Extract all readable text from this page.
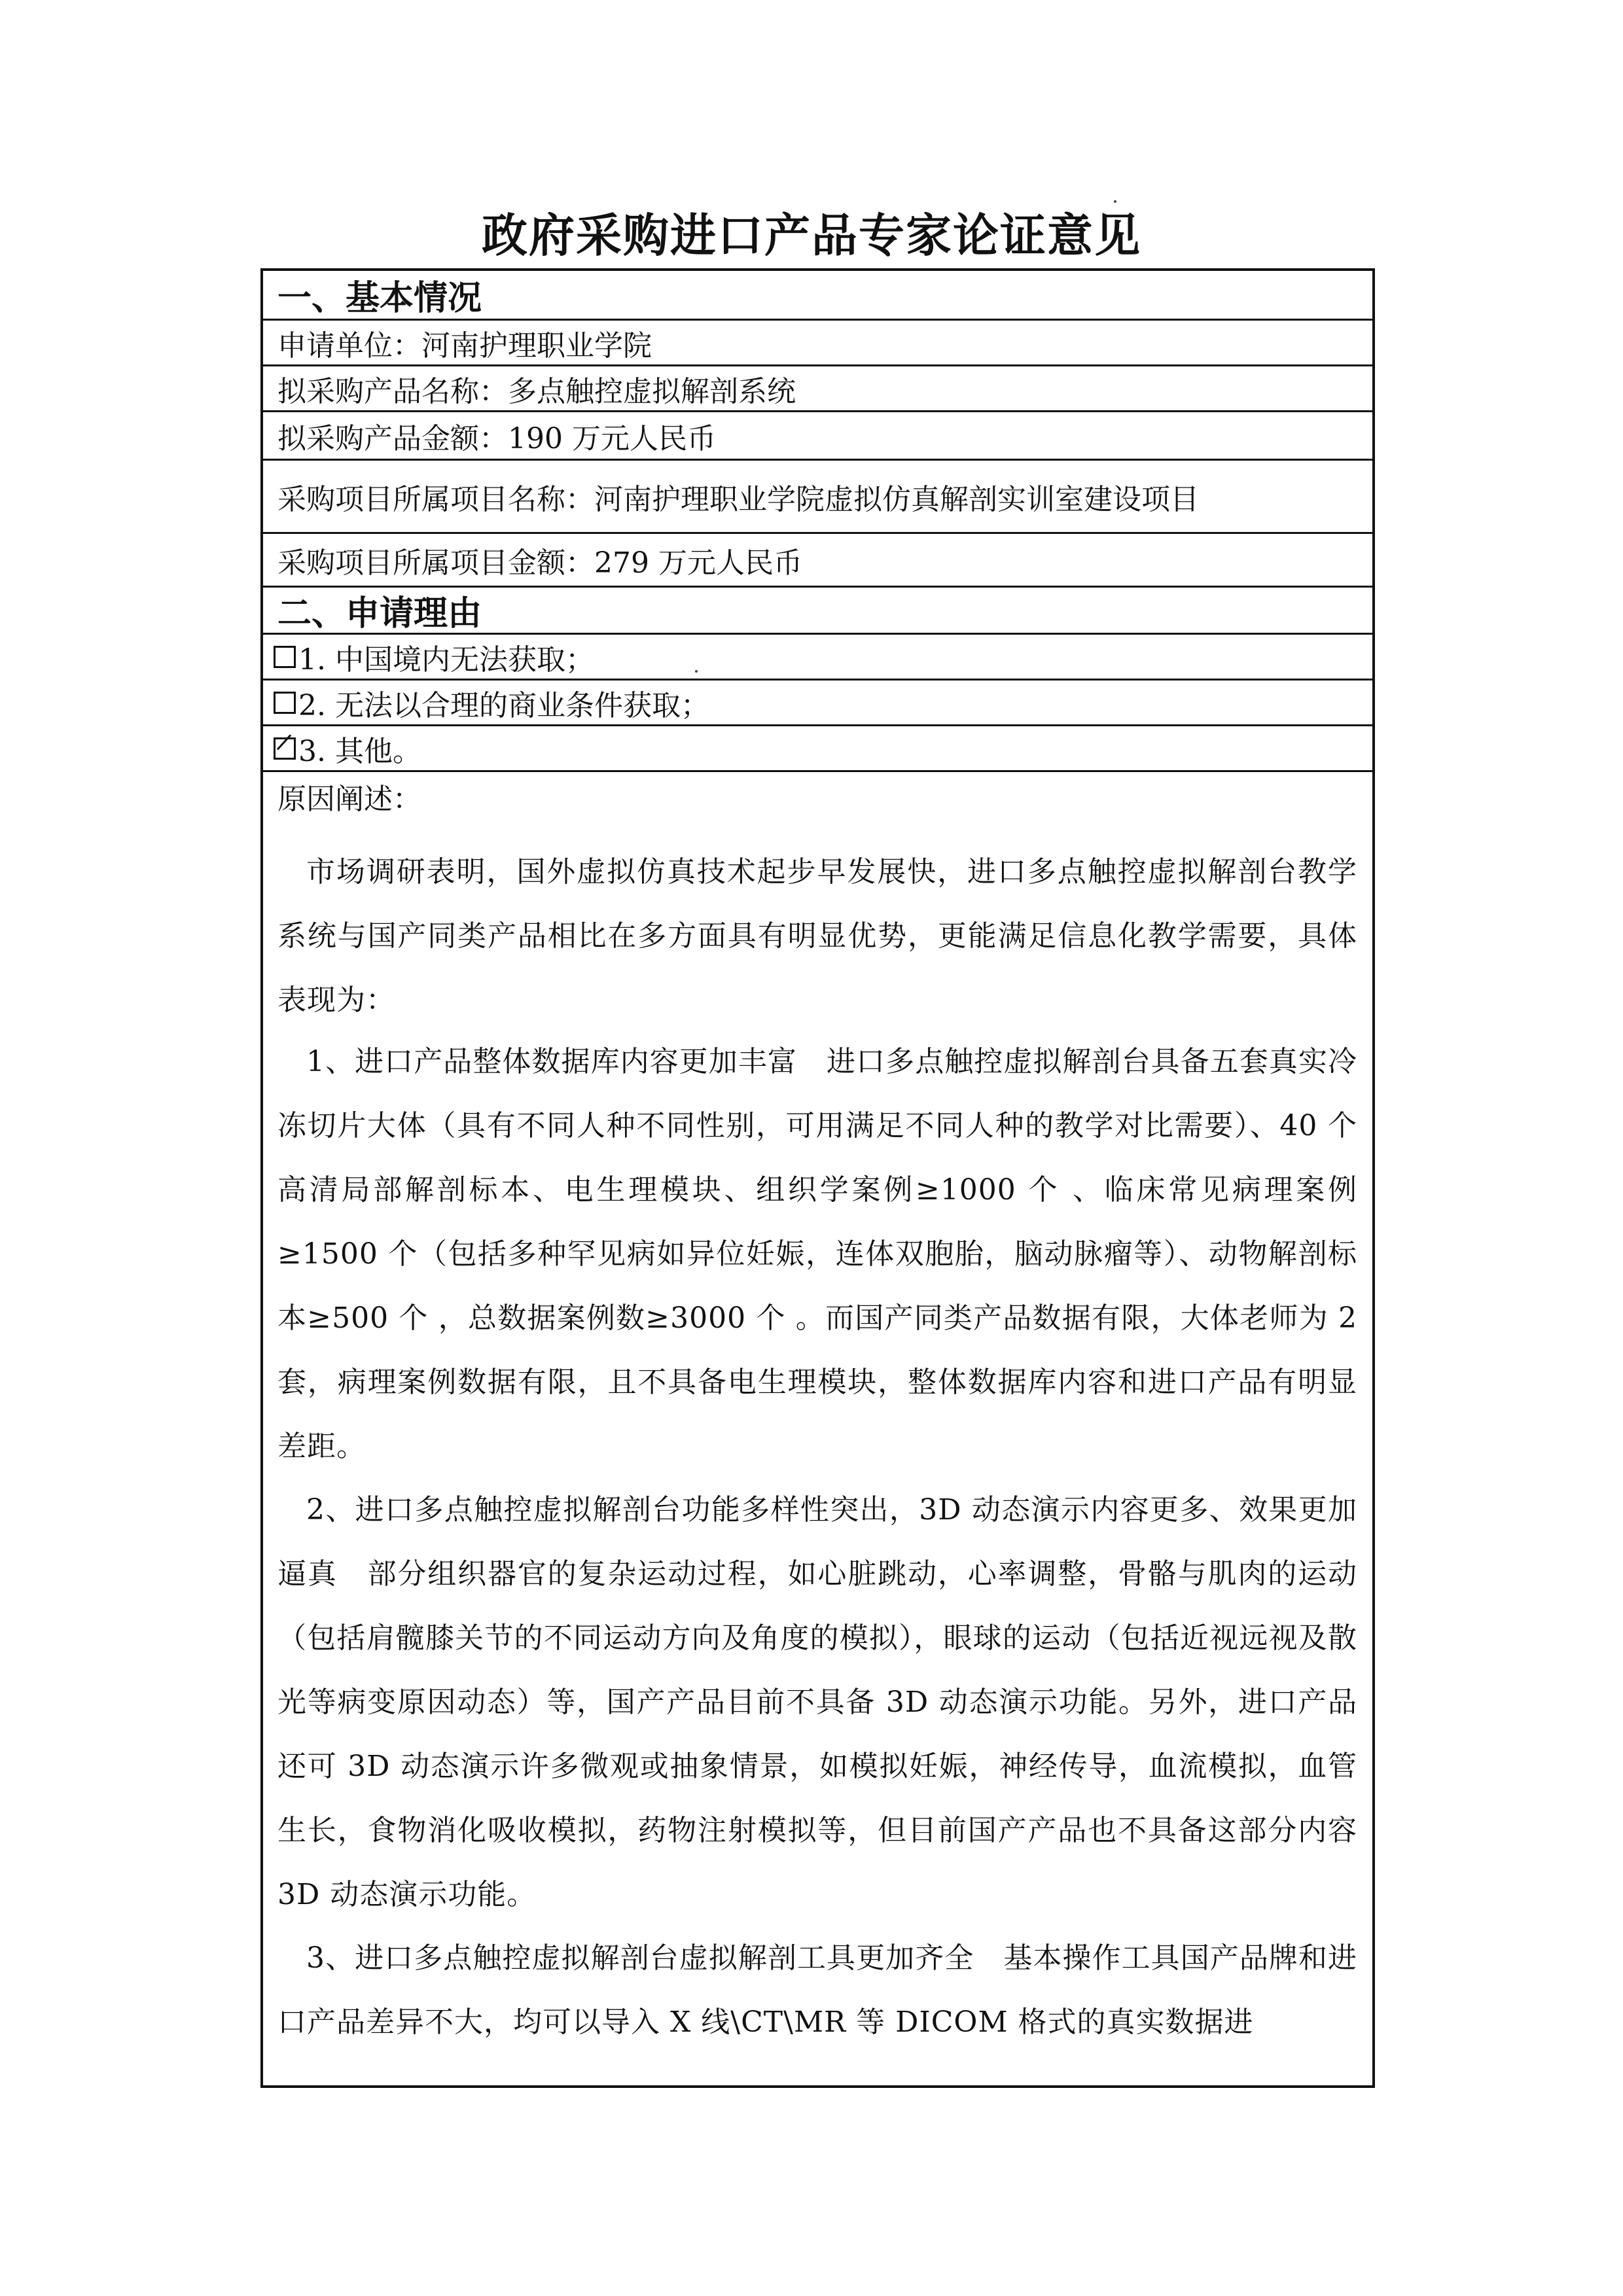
政府采购进口产品专家论证意见
一、基本情况
申请单位：河南护理职业学院
拟采购产品名称：多点触控虚拟解剖系统
拟采购产品金额：190 万元人民币
采购项目所属项目名称：河南护理职业学院虚拟仿真解剖实训室建设项目
采购项目所属项目金额：279 万元人民币
二、申请理由
1. 中国境内无法获取；
2. 无法以合理的商业条件获取；
3. 其他。
原因阐述：
市场调研表明，国外虚拟仿真技术起步早发展快，进口多点触控虚拟解剖台教学系统与国产同类产品相比在多方面具有明显优势，更能满足信息化教学需要，具体表现为：
1、进口产品整体数据库内容更加丰富　进口多点触控虚拟解剖台具备五套真实冷冻切片大体（具有不同人种不同性别，可用满足不同人种的教学对比需要）、40 个高清局部解剖标本、电生理模块、组织学案例≥1000 个 、临床常见病理案例≥1500 个（包括多种罕见病如异位妊娠，连体双胞胎，脑动脉瘤等）、动物解剖标本≥500 个 ，总数据案例数≥3000 个 。而国产同类产品数据有限，大体老师为 2 套，病理案例数据有限，且不具备电生理模块，整体数据库内容和进口产品有明显差距。
2、进口多点触控虚拟解剖台功能多样性突出，3D 动态演示内容更多、效果更加逼真　部分组织器官的复杂运动过程，如心脏跳动，心率调整，骨骼与肌肉的运动（包括肩髋膝关节的不同运动方向及角度的模拟），眼球的运动（包括近视远视及散光等病变原因动态）等，国产产品目前不具备 3D 动态演示功能。另外，进口产品还可 3D 动态演示许多微观或抽象情景，如模拟妊娠，神经传导，血流模拟，血管生长，食物消化吸收模拟，药物注射模拟等，但目前国产产品也不具备这部分内容 3D 动态演示功能。
3、进口多点触控虚拟解剖台虚拟解剖工具更加齐全　基本操作工具国产品牌和进口产品差异不大，均可以导入 X 线\CT\MR 等 DICOM 格式的真实数据进
